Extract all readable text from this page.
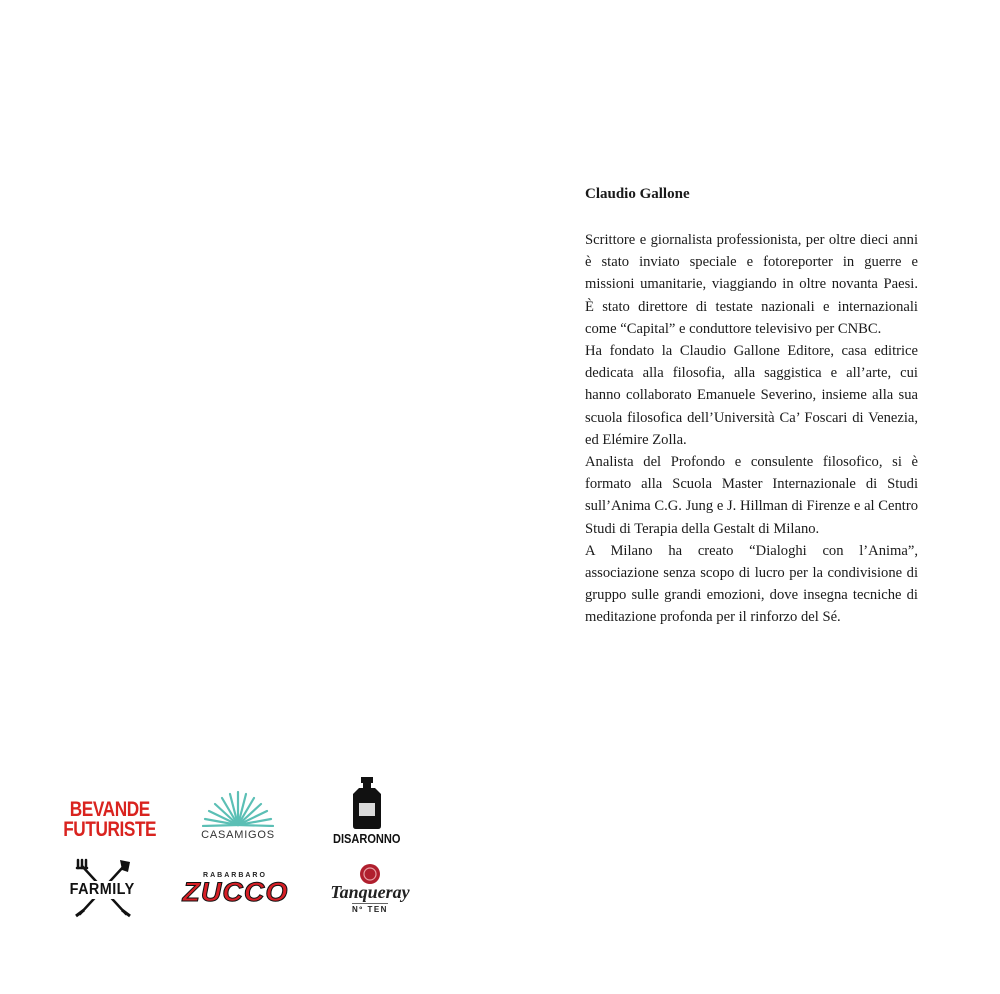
Claudio Gallone

Scrittore e giornalista professionista, per oltre dieci anni è stato inviato speciale e fotoreporter in guerre e missioni umanitarie, viaggiando in oltre novanta Paesi. È stato direttore di testate nazionali e internazionali come “Capital” e conduttore televisivo per CNBC.

Ha fondato la Claudio Gallone Editore, casa editrice dedicata alla filosofia, alla saggistica e all’arte, cui hanno collaborato Emanuele Severino, insieme alla sua scuola filosofica dell’Università Ca’ Foscari di Venezia, ed Elémire Zolla.

Analista del Profondo e consulente filosofico, si è formato alla Scuola Master Internazionale di Studi sull’Anima C.G. Jung e J. Hillman di Firenze e al Centro Studi di Terapia della Gestalt di Milano.

A Milano ha creato “Dialoghi con l’Anima”, associazione senza scopo di lucro per la condivisione di gruppo sulle grandi emozioni, dove insegna tecniche di meditazione profonda per il rinforzo del Sé.

BEVANDE
FUTURISTE	CASAMIGOS	DISARONNO
FARMILY
RABARBARO
ZUCCO Tanqueray
Nº TEN
